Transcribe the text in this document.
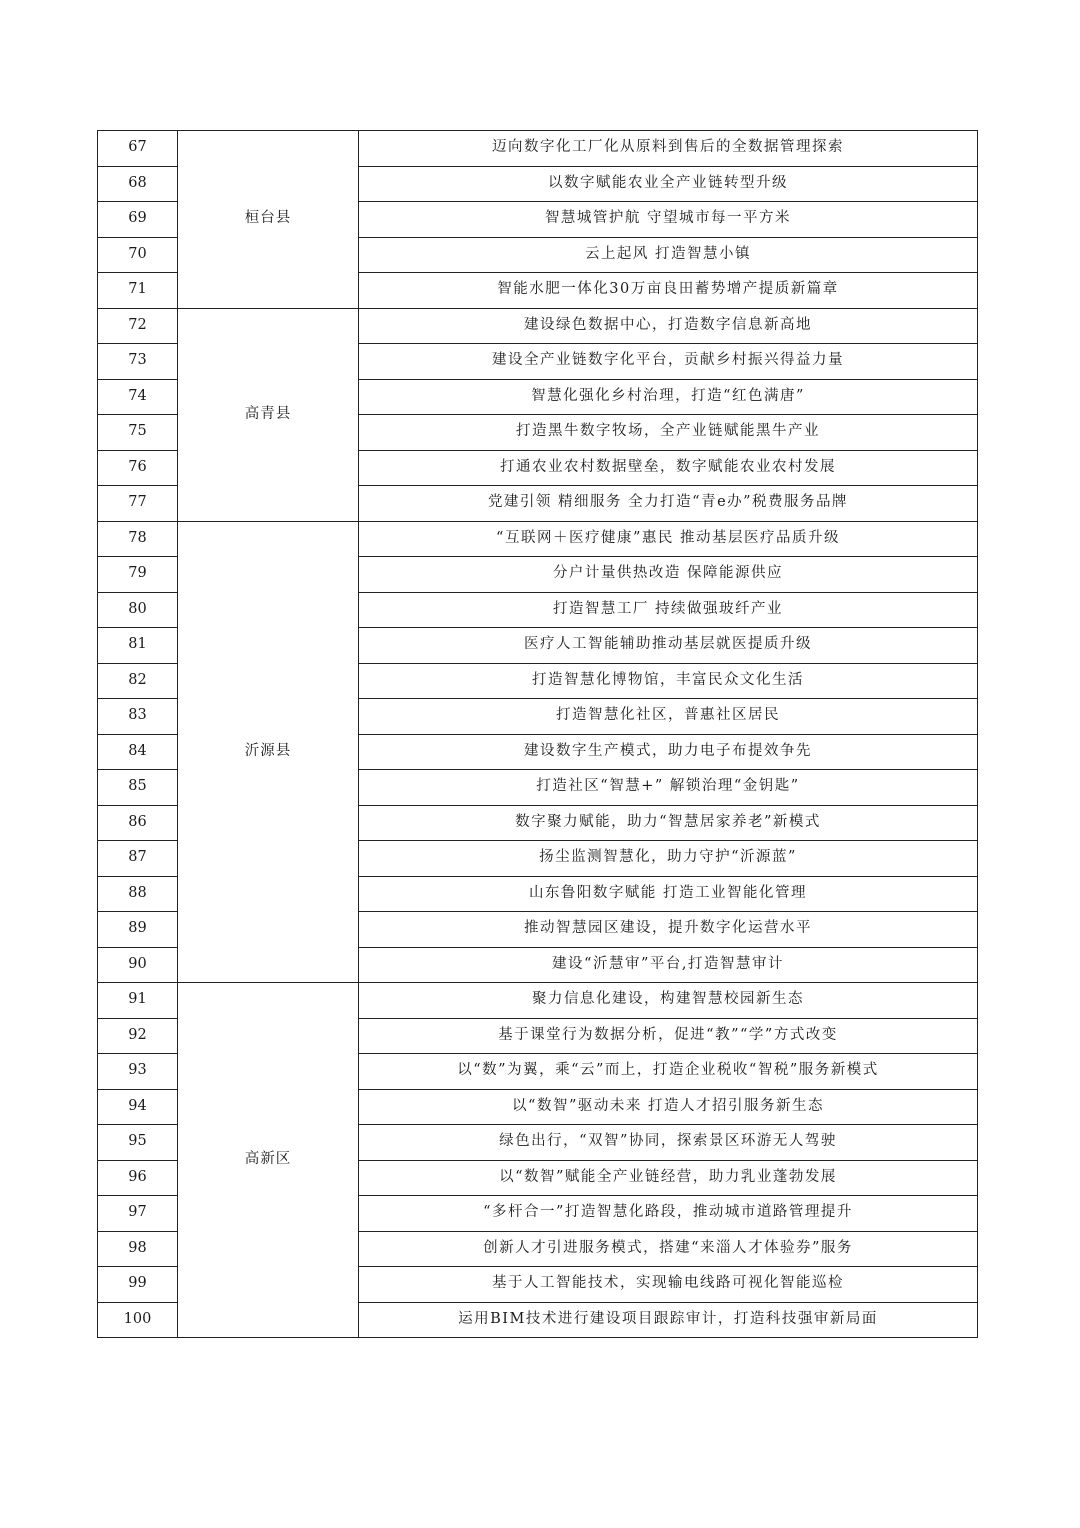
67	桓台县	迈向数字化工厂化从原料到售后的全数据管理探索
68		以数字赋能农业全产业链转型升级
69		智慧城管护航 守望城市每一平方米
70		云上起风 打造智慧小镇
71		智能水肥一体化30万亩良田蓄势增产提质新篇章
72	高青县	建设绿色数据中心，打造数字信息新高地
73		建设全产业链数字化平台，贡献乡村振兴得益力量
74		智慧化强化乡村治理，打造“红色满唐”
75		打造黑牛数字牧场，全产业链赋能黑牛产业
76		打通农业农村数据壁垒，数字赋能农业农村发展
77		党建引领 精细服务 全力打造“青e办”税费服务品牌
78	沂源县	“互联网＋医疗健康”惠民 推动基层医疗品质升级
79		分户计量供热改造 保障能源供应
80		打造智慧工厂 持续做强玻纤产业
81		医疗人工智能辅助推动基层就医提质升级
82		打造智慧化博物馆，丰富民众文化生活
83		打造智慧化社区，普惠社区居民
84		建设数字生产模式，助力电子布提效争先
85		打造社区“智慧+” 解锁治理“金钥匙”
86		数字聚力赋能，助力“智慧居家养老”新模式
87		扬尘监测智慧化，助力守护“沂源蓝”
88		山东鲁阳数字赋能 打造工业智能化管理
89		推动智慧园区建设，提升数字化运营水平
90		建设“沂慧审”平台,打造智慧审计
91	高新区	聚力信息化建设，构建智慧校园新生态
92		基于课堂行为数据分析，促进“教”“学”方式改变
93		以“数”为翼，乘“云”而上，打造企业税收“智税”服务新模式
94		以“数智”驱动未来 打造人才招引服务新生态
95		绿色出行，“双智”协同，探索景区环游无人驾驶
96		以“数智”赋能全产业链经营，助力乳业蓬勃发展
97		“多杆合一”打造智慧化路段，推动城市道路管理提升
98		创新人才引进服务模式，搭建“来淄人才体验券”服务
99		基于人工智能技术，实现输电线路可视化智能巡检
100		运用BIM技术进行建设项目跟踪审计，打造科技强审新局面
